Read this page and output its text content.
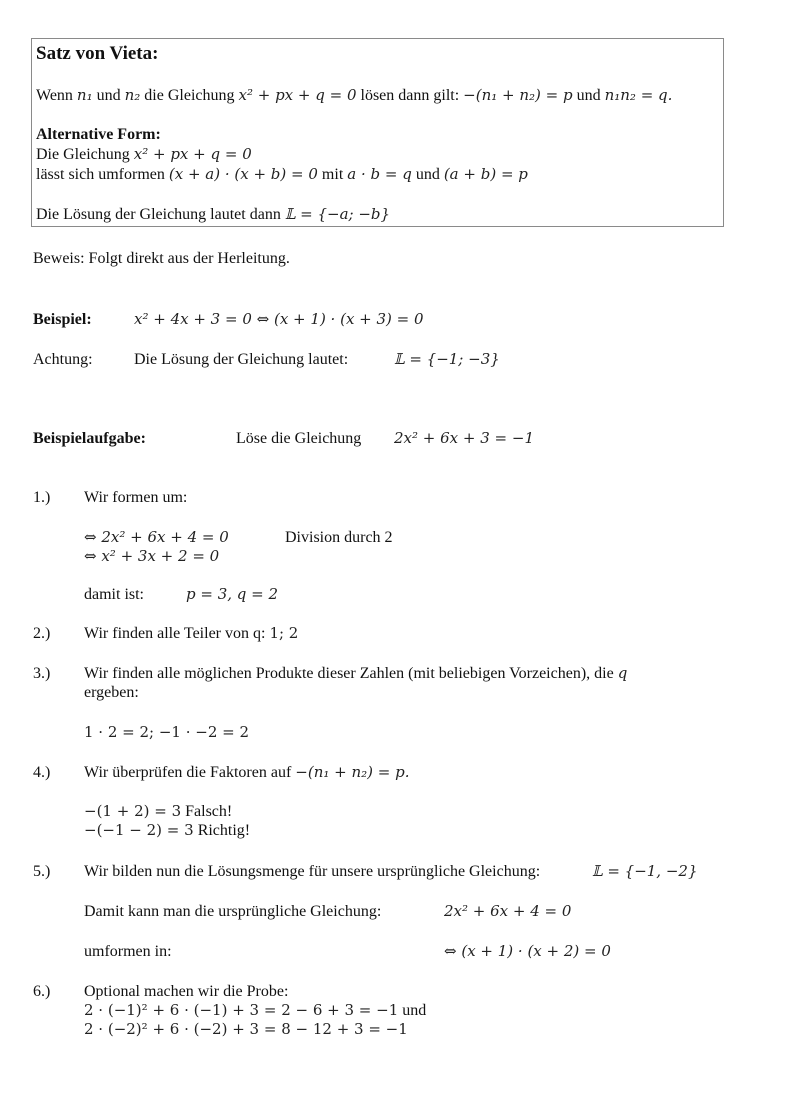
Satz von Vieta:
Wenn n₁ und n₂ die Gleichung x² + px + q = 0 lösen dann gilt: −(n₁ + n₂) = p und n₁n₂ = q.
Alternative Form:
Die Gleichung x² + px + q = 0
lässt sich umformen (x + a) · (x + b) = 0 mit a · b = q und (a + b) = p
Die Lösung der Gleichung lautet dann 𝕃 = {−a; −b}
Beweis: Folgt direkt aus der Herleitung.
Beispiel:	x² + 4x + 3 = 0 ⇔ (x + 1) · (x + 3) = 0
Achtung:	Die Lösung der Gleichung lautet:	𝕃 = {−1; −3}
Beispielaufgabe:	Löse die Gleichung 2x² + 6x + 3 = −1
1.) Wir formen um:
⇔ 2x² + 6x + 4 = 0	Division durch 2
⇔ x² + 3x + 2 = 0
damit ist:	p = 3, q = 2
2.) Wir finden alle Teiler von q: 1; 2
3.) Wir finden alle möglichen Produkte dieser Zahlen (mit beliebigen Vorzeichen), die q
ergeben:
1 · 2 = 2; −1 · −2 = 2
4.) Wir überprüfen die Faktoren auf −(n₁ + n₂) = p.
−(1 + 2) = 3 Falsch!
−(−1 − 2) = 3 Richtig!
5.) Wir bilden nun die Lösungsmenge für unsere ursprüngliche Gleichung:	𝕃 = {−1, −2}
Damit kann man die ursprüngliche Gleichung:	2x² + 6x + 4 = 0
umformen in:	⇔ (x + 1) · (x + 2) = 0
6.) Optional machen wir die Probe:
2 · (−1)² + 6 · (−1) + 3 = 2 − 6 + 3 = −1 und
2 · (−2)² + 6 · (−2) + 3 = 8 − 12 + 3 = −1
